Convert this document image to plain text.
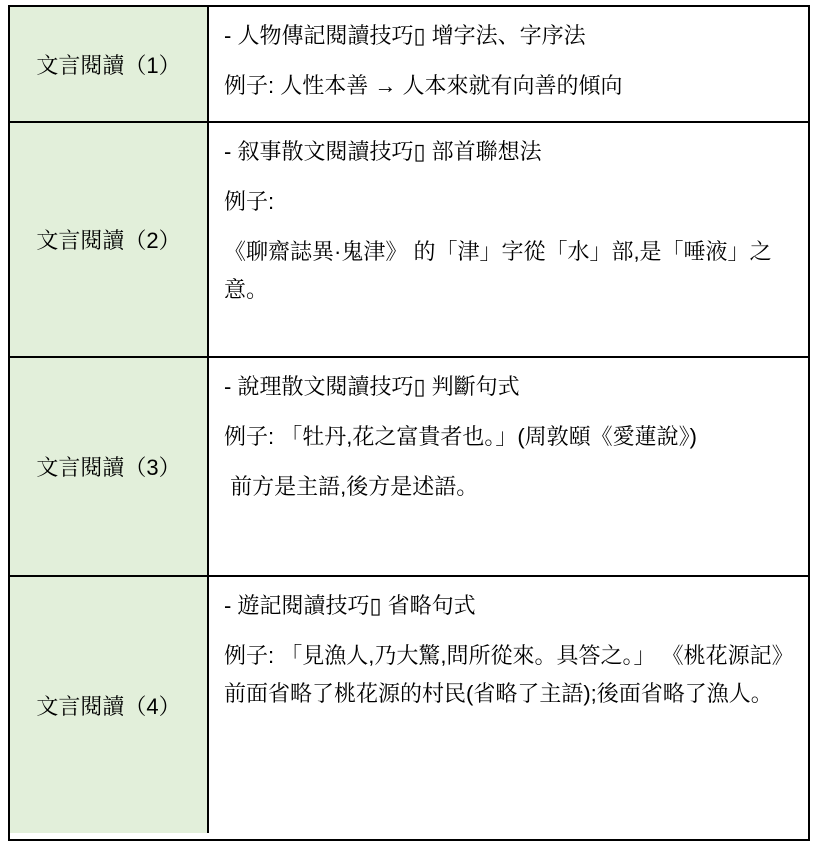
文言閱讀（1）

- 人物傳記閱讀技巧▯ 增字法、字序法

例子: 人性本善 → 人本來就有向善的傾向

文言閱讀（2）

- 叙事散文閱讀技巧▯ 部首聯想法

例子:

《聊齋誌異·鬼津》 的「津」字從「水」部,是「唾液」之意。

文言閱讀（3）

- 說理散文閱讀技巧▯ 判斷句式

例子: 「牡丹,花之富貴者也。」(周敦頤《愛蓮說》)

前方是主語,後方是述語。

文言閱讀（4）

- 遊記閱讀技巧▯ 省略句式

例子: 「見漁人,乃大驚,問所從來。具答之。」 《桃花源記》  前面省略了桃花源的村民(省略了主語);後面省略了漁人。
